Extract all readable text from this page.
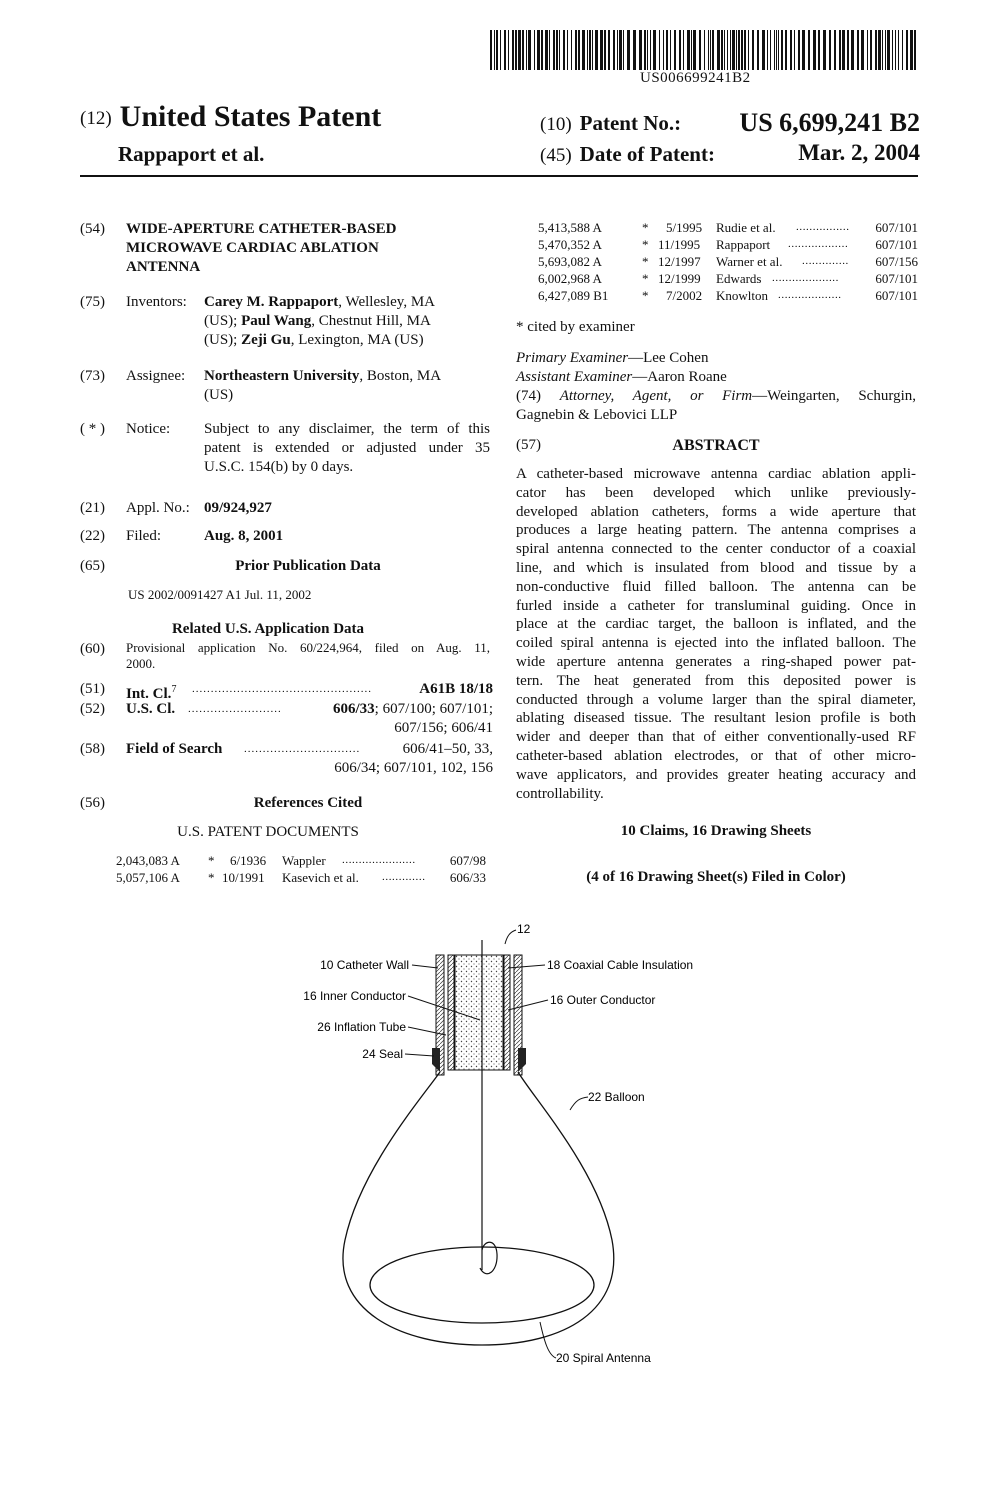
US006699241B2
(12) United States Patent
Rappaport et al.
(10) Patent No.: US 6,699,241 B2
(45) Date of Patent:	Mar. 2, 2004
(54) WIDE-APERTURE CATHETER-BASED
MICROWAVE CARDIAC ABLATION
ANTENNA
(75) Inventors: Carey M. Rappaport, Wellesley, MA
(US); Paul Wang, Chestnut Hill, MA
(US); Zeji Gu, Lexington, MA (US)
(73) Assignee: Northeastern University, Boston, MA
(US)
( * ) Notice: Subject to any disclaimer, the term of this
patent is extended or adjusted under 35
U.S.C. 154(b) by 0 days.
(21) Appl. No.: 09/924,927
(22) Filed:	Aug. 8, 2001
(65)	Prior Publication Data
US 2002/0091427 A1 Jul. 11, 2002
Related U.S. Application Data
(60) Provisional application No. 60/224,964, filed on Aug. 11,
2000.
(51) Int. Cl.$^7$ ................................................	A61B 18/18
(52) U.S. Cl. .........................	606/33; 607/100; 607/101;
607/156; 606/41
(58) Field of Search ...............................	606/41–50, 33,
606/34; 607/101, 102, 156
(56)	References Cited
U.S. PATENT DOCUMENTS
2,043,083 A * 6/1936 Wappler ......................	607/98
5,057,106 A * 10/1991 Kasevich et al. ............. 606/33
5,413,588 A	* 5/1995 Rudie et al. ................ 607/101
5,470,352 A	* 11/1995 Rappaport .................. 607/101
5,693,082 A	* 12/1997 Warner et al. .............. 607/156
6,002,968 A	* 12/1999 Edwards ....................	607/101
6,427,089 B1	* 7/2002 Knowlton ...................	607/101
* cited by examiner
Primary Examiner—Lee Cohen
Assistant Examiner—Aaron Roane
(74) Attorney, Agent, or Firm—Weingarten, Schurgin,
Gagnebin & Lebovici LLP
(57)	ABSTRACT
A catheter-based microwave antenna cardiac ablation appli-
cator has been developed which unlike previously-
developed ablation catheters, forms a wide aperture that
produces a large heating pattern. The antenna comprises a
spiral antenna connected to the center conductor of a coaxial
line, and which is insulated from blood and tissue by a
non-conductive fluid filled balloon. The antenna can be
furled inside a catheter for transluminal guiding. Once in
place at the cardiac target, the balloon is inflated, and the
coiled spiral antenna is ejected into the inflated balloon. The
wide aperture antenna generates a ring-shaped power pat-
tern. The heat generated from this deposited power is
conducted through a volume larger than the spiral diameter,
ablating diseased tissue. The resultant lesion profile is both
wider and deeper than that of either conventionally-used RF
catheter-based ablation electrodes, or that of other micro-
wave applicators, and provides greater heating accuracy and
controllability.
10 Claims, 16 Drawing Sheets
(4 of 16 Drawing Sheet(s) Filed in Color)
12
10 Catheter Wall
16 Inner Conductor
26 Inflation Tube
24 Seal
18 Coaxial Cable Insulation
16 Outer Conductor
22 Balloon
20 Spiral Antenna
